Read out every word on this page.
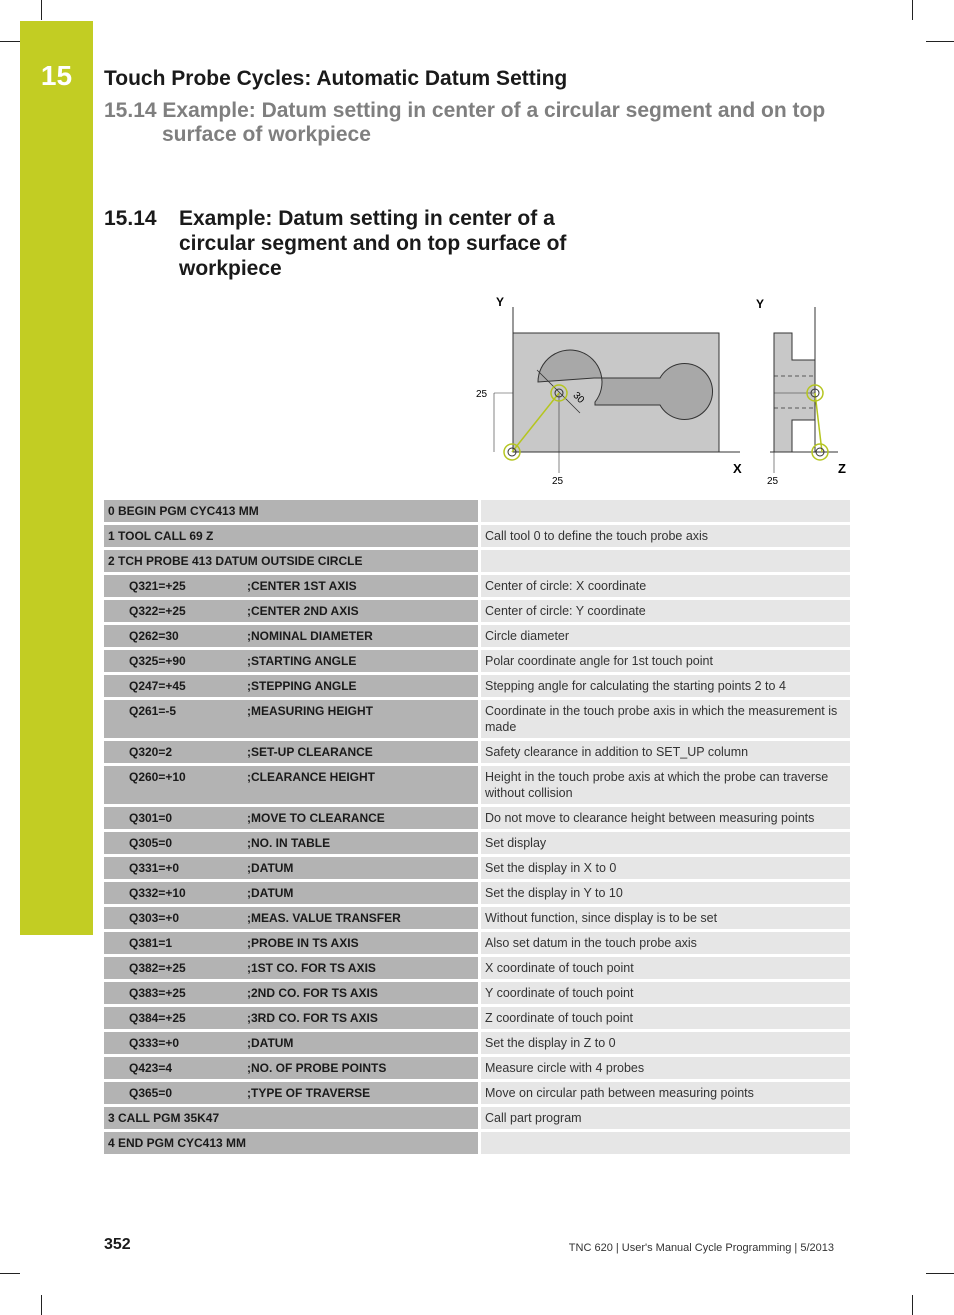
15	Touch Probe Cycles: Automatic Datum Setting
15.14 Example: Datum setting in center of a circular segment and on top
surface of workpiece
15.14 Example: Datum setting in center of a circular segment and on top surface of workpiece
Y
X
25
25
30
Y
Z
25
0 BEGIN PGM CYC413 MM	
1 TOOL CALL 69 Z	Call tool 0 to define the touch probe axis
2 TCH PROBE 413 DATUM OUTSIDE CIRCLE	
Q321=+25 ;CENTER 1ST AXIS	Center of circle: X coordinate
Q322=+25 ;CENTER 2ND AXIS	Center of circle: Y coordinate
Q262=30 ;NOMINAL DIAMETER	Circle diameter
Q325=+90 ;STARTING ANGLE	Polar coordinate angle for 1st touch point
Q247=+45 ;STEPPING ANGLE	Stepping angle for calculating the starting points 2 to 4
Q261=-5 ;MEASURING HEIGHT	Coordinate in the touch probe axis in which the measurement is made
Q320=2 ;SET-UP CLEARANCE	Safety clearance in addition to SET_UP column
Q260=+10 ;CLEARANCE HEIGHT	Height in the touch probe axis at which the probe can traverse without collision
Q301=0 ;MOVE TO CLEARANCE	Do not move to clearance height between measuring points
Q305=0 ;NO. IN TABLE	Set display
Q331=+0 ;DATUM	Set the display in X to 0
Q332=+10 ;DATUM	Set the display in Y to 10
Q303=+0 ;MEAS. VALUE TRANSFER	Without function, since display is to be set
Q381=1 ;PROBE IN TS AXIS	Also set datum in the touch probe axis
Q382=+25 ;1ST CO. FOR TS AXIS	X coordinate of touch point
Q383=+25 ;2ND CO. FOR TS AXIS	Y coordinate of touch point
Q384=+25 ;3RD CO. FOR TS AXIS	Z coordinate of touch point
Q333=+0 ;DATUM	Set the display in Z to 0
Q423=4 ;NO. OF PROBE POINTS	Measure circle with 4 probes
Q365=0 ;TYPE OF TRAVERSE	Move on circular path between measuring points
3 CALL PGM 35K47	Call part program
4 END PGM CYC413 MM	
352	TNC 620 | User's Manual Cycle Programming | 5/2013
